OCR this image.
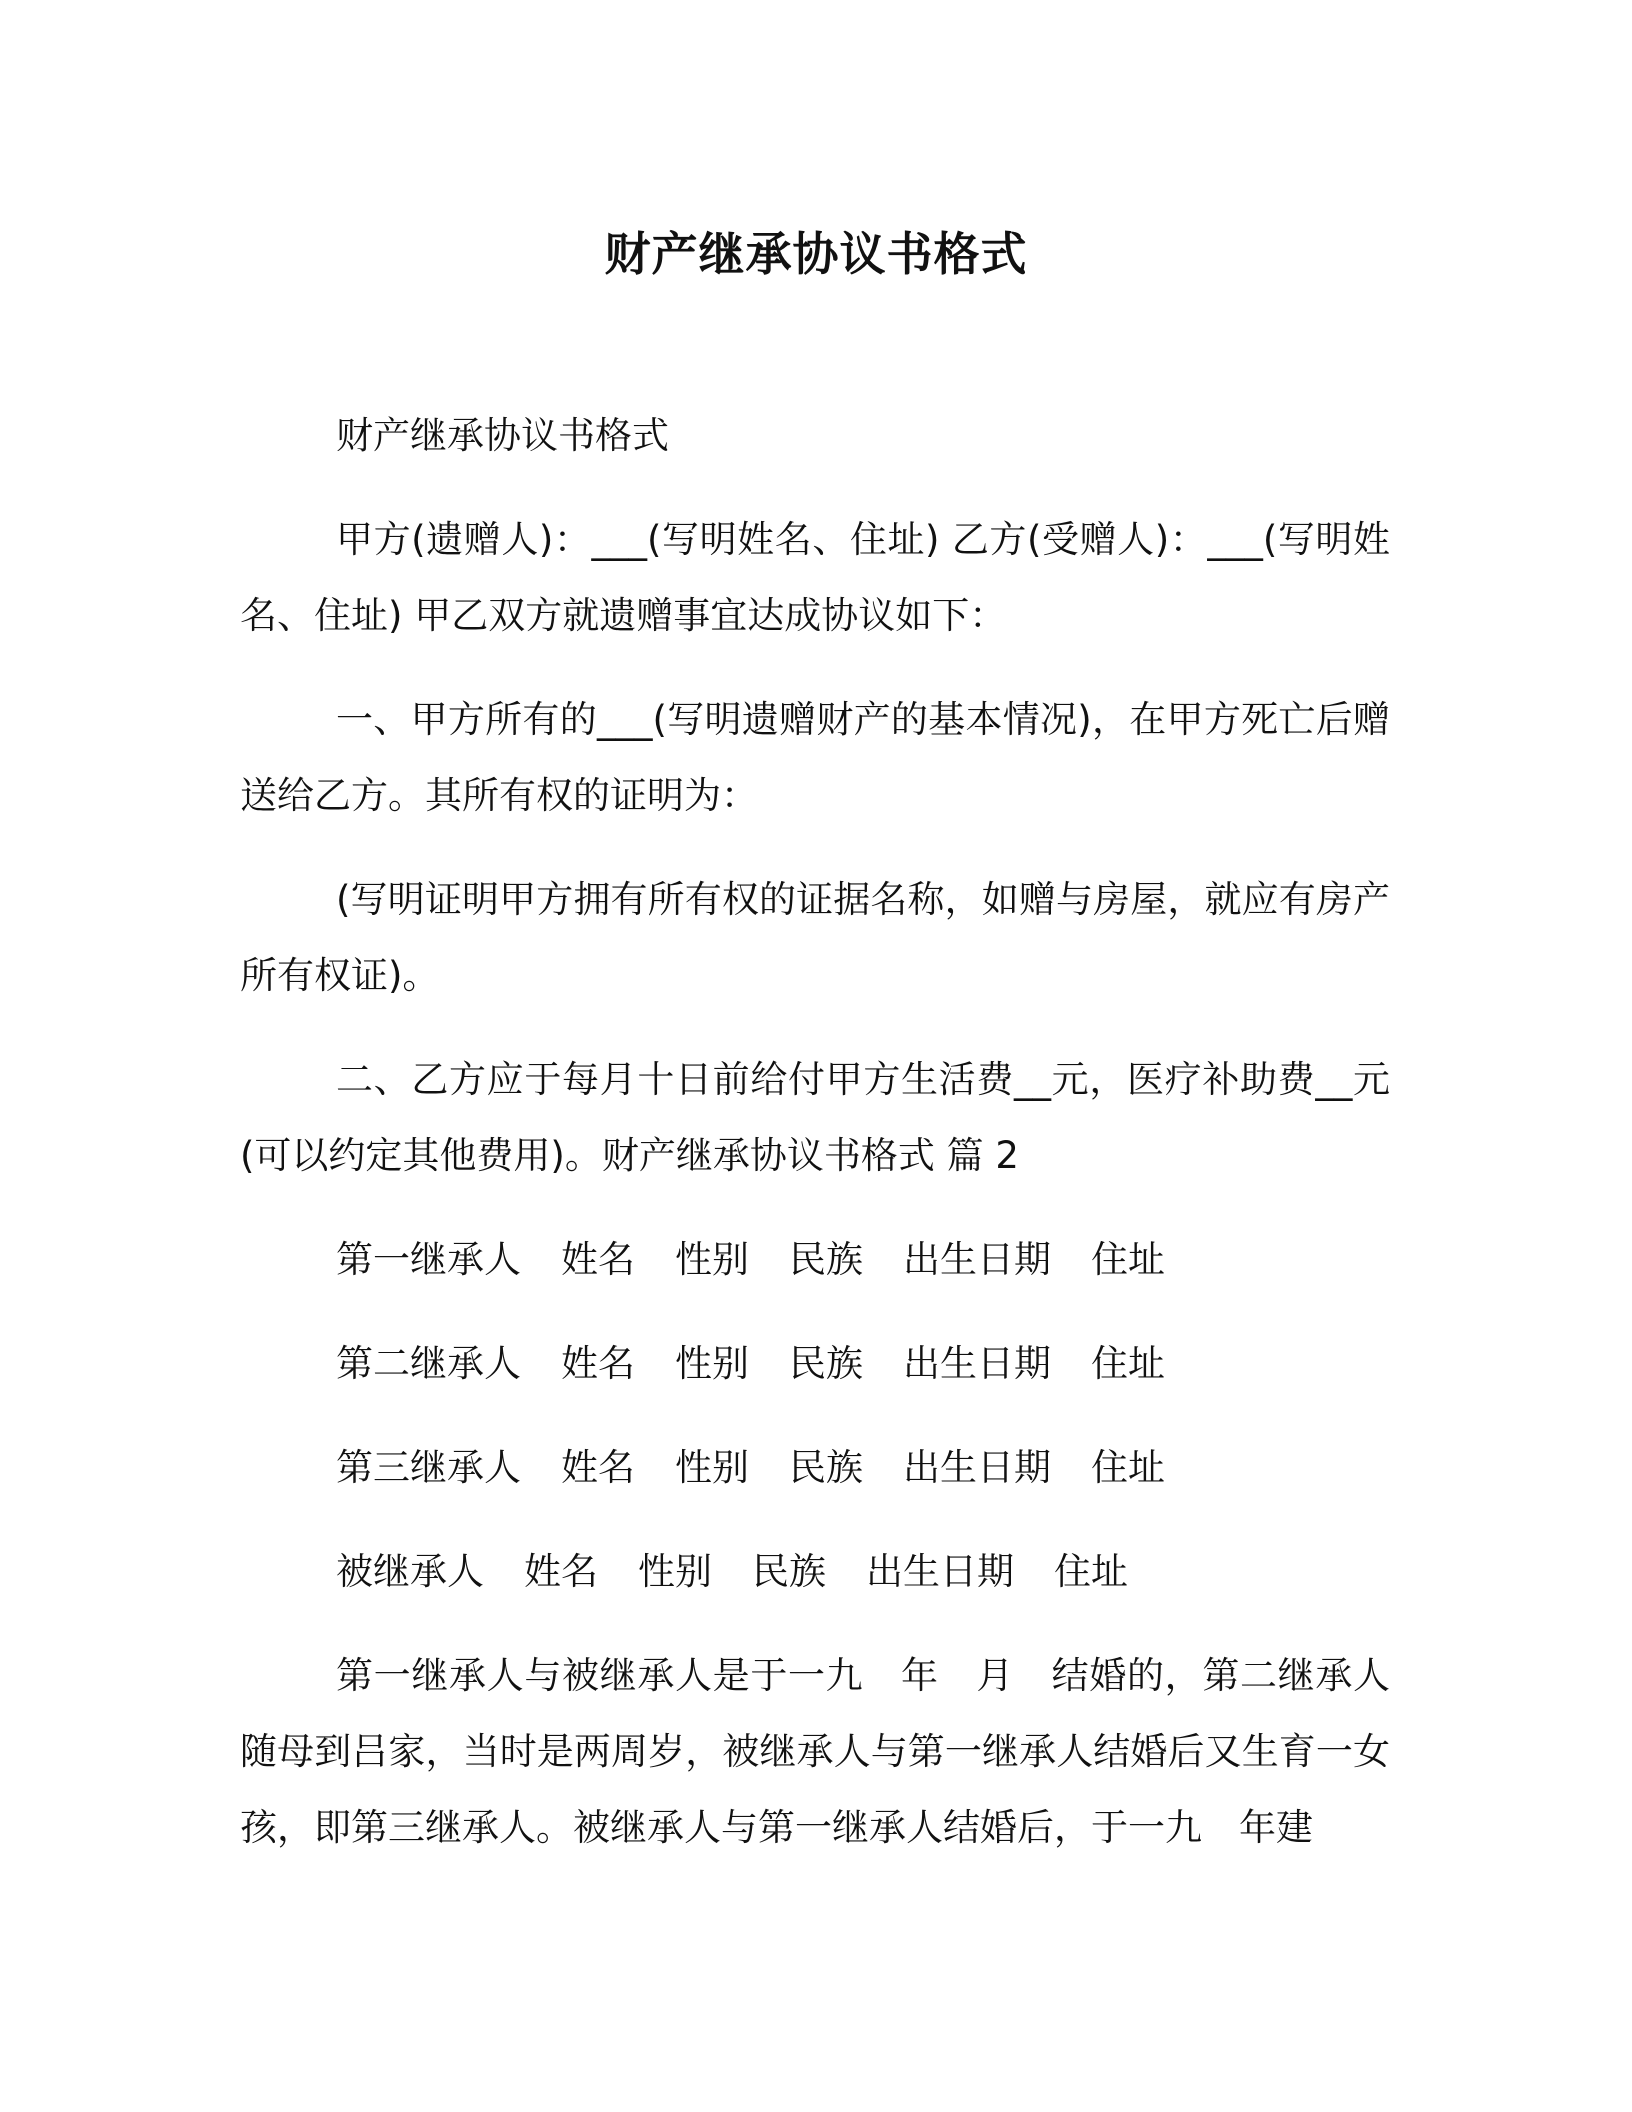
财产继承协议书格式

财产继承协议书格式

甲方(遗赠人)：___(写明姓名、住址) 乙方(受赠人)：___(写明姓名、住址) 甲乙双方就遗赠事宜达成协议如下：

一、甲方所有的___(写明遗赠财产的基本情况)，在甲方死亡后赠送给乙方。其所有权的证明为：

(写明证明甲方拥有所有权的证据名称，如赠与房屋，就应有房产所有权证)。

二、乙方应于每月十日前给付甲方生活费__元，医疗补助费__元(可以约定其他费用)。财产继承协议书格式 篇 2

第一继承人 姓名 性别 民族 出生日期 住址
第二继承人 姓名 性别 民族 出生日期 住址
第三继承人 姓名 性别 民族 出生日期 住址
被继承人 姓名 性别 民族 出生日期 住址

第一继承人与被继承人是于一九　年　月　结婚的，第二继承人随母到吕家，当时是两周岁，被继承人与第一继承人结婚后又生育一女孩，即第三继承人。被继承人与第一继承人结婚后，于一九　年建
